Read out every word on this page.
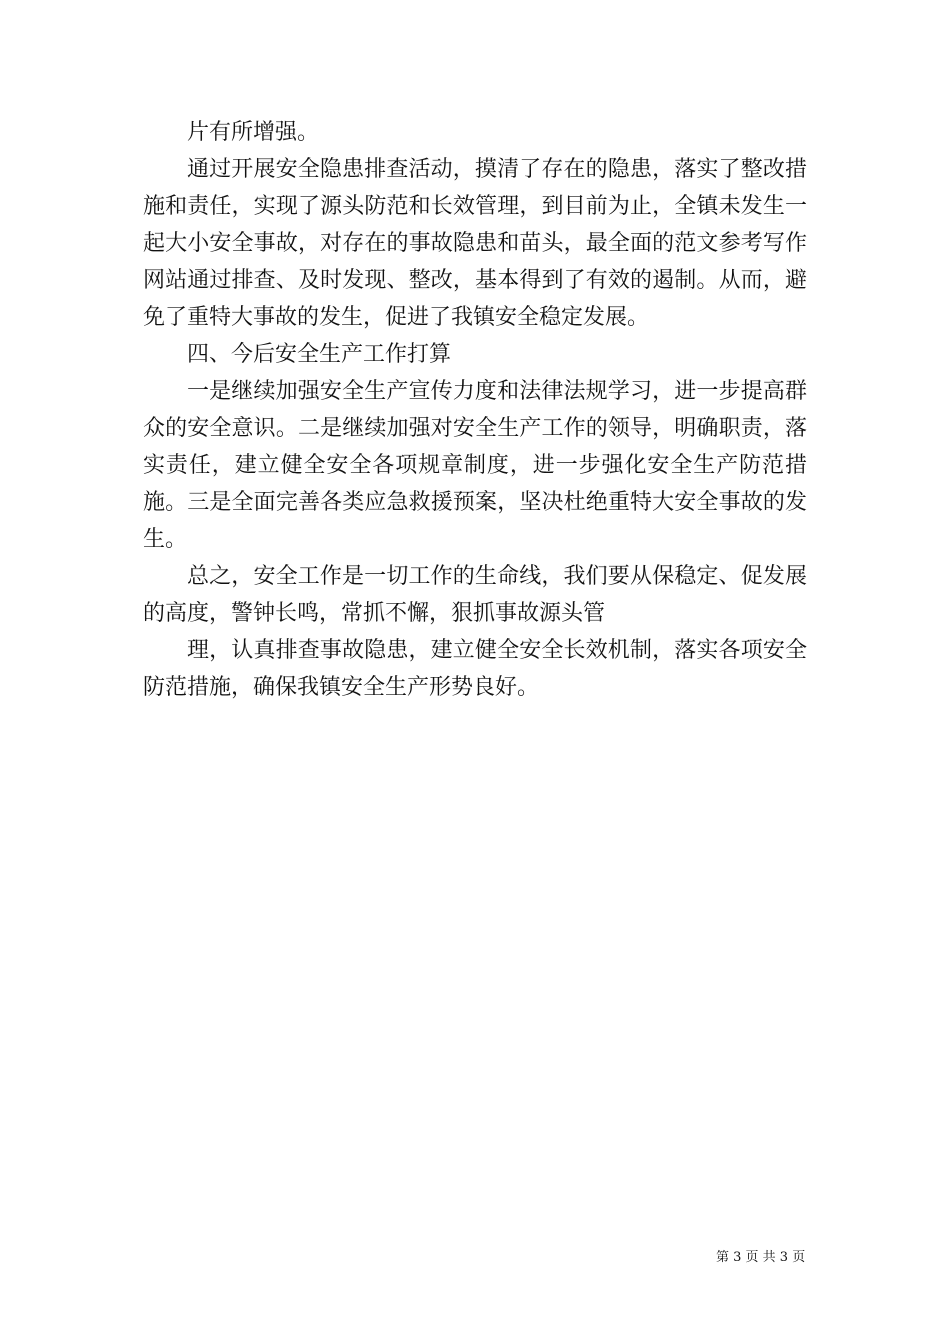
片有所增强。

通过开展安全隐患排查活动，摸清了存在的隐患，落实了整改措施和责任，实现了源头防范和长效管理，到目前为止，全镇未发生一起大小安全事故，对存在的事故隐患和苗头，最全面的范文参考写作网站通过排查、及时发现、整改，基本得到了有效的遏制。从而，避免了重特大事故的发生，促进了我镇安全稳定发展。

四、今后安全生产工作打算

一是继续加强安全生产宣传力度和法律法规学习，进一步提高群众的安全意识。二是继续加强对安全生产工作的领导，明确职责，落实责任，建立健全安全各项规章制度，进一步强化安全生产防范措施。三是全面完善各类应急救援预案，坚决杜绝重特大安全事故的发生。

总之，安全工作是一切工作的生命线，我们要从保稳定、促发展的高度，警钟长鸣，常抓不懈，狠抓事故源头管

理，认真排查事故隐患，建立健全安全长效机制，落实各项安全防范措施，确保我镇安全生产形势良好。

第 3 页 共 3 页
